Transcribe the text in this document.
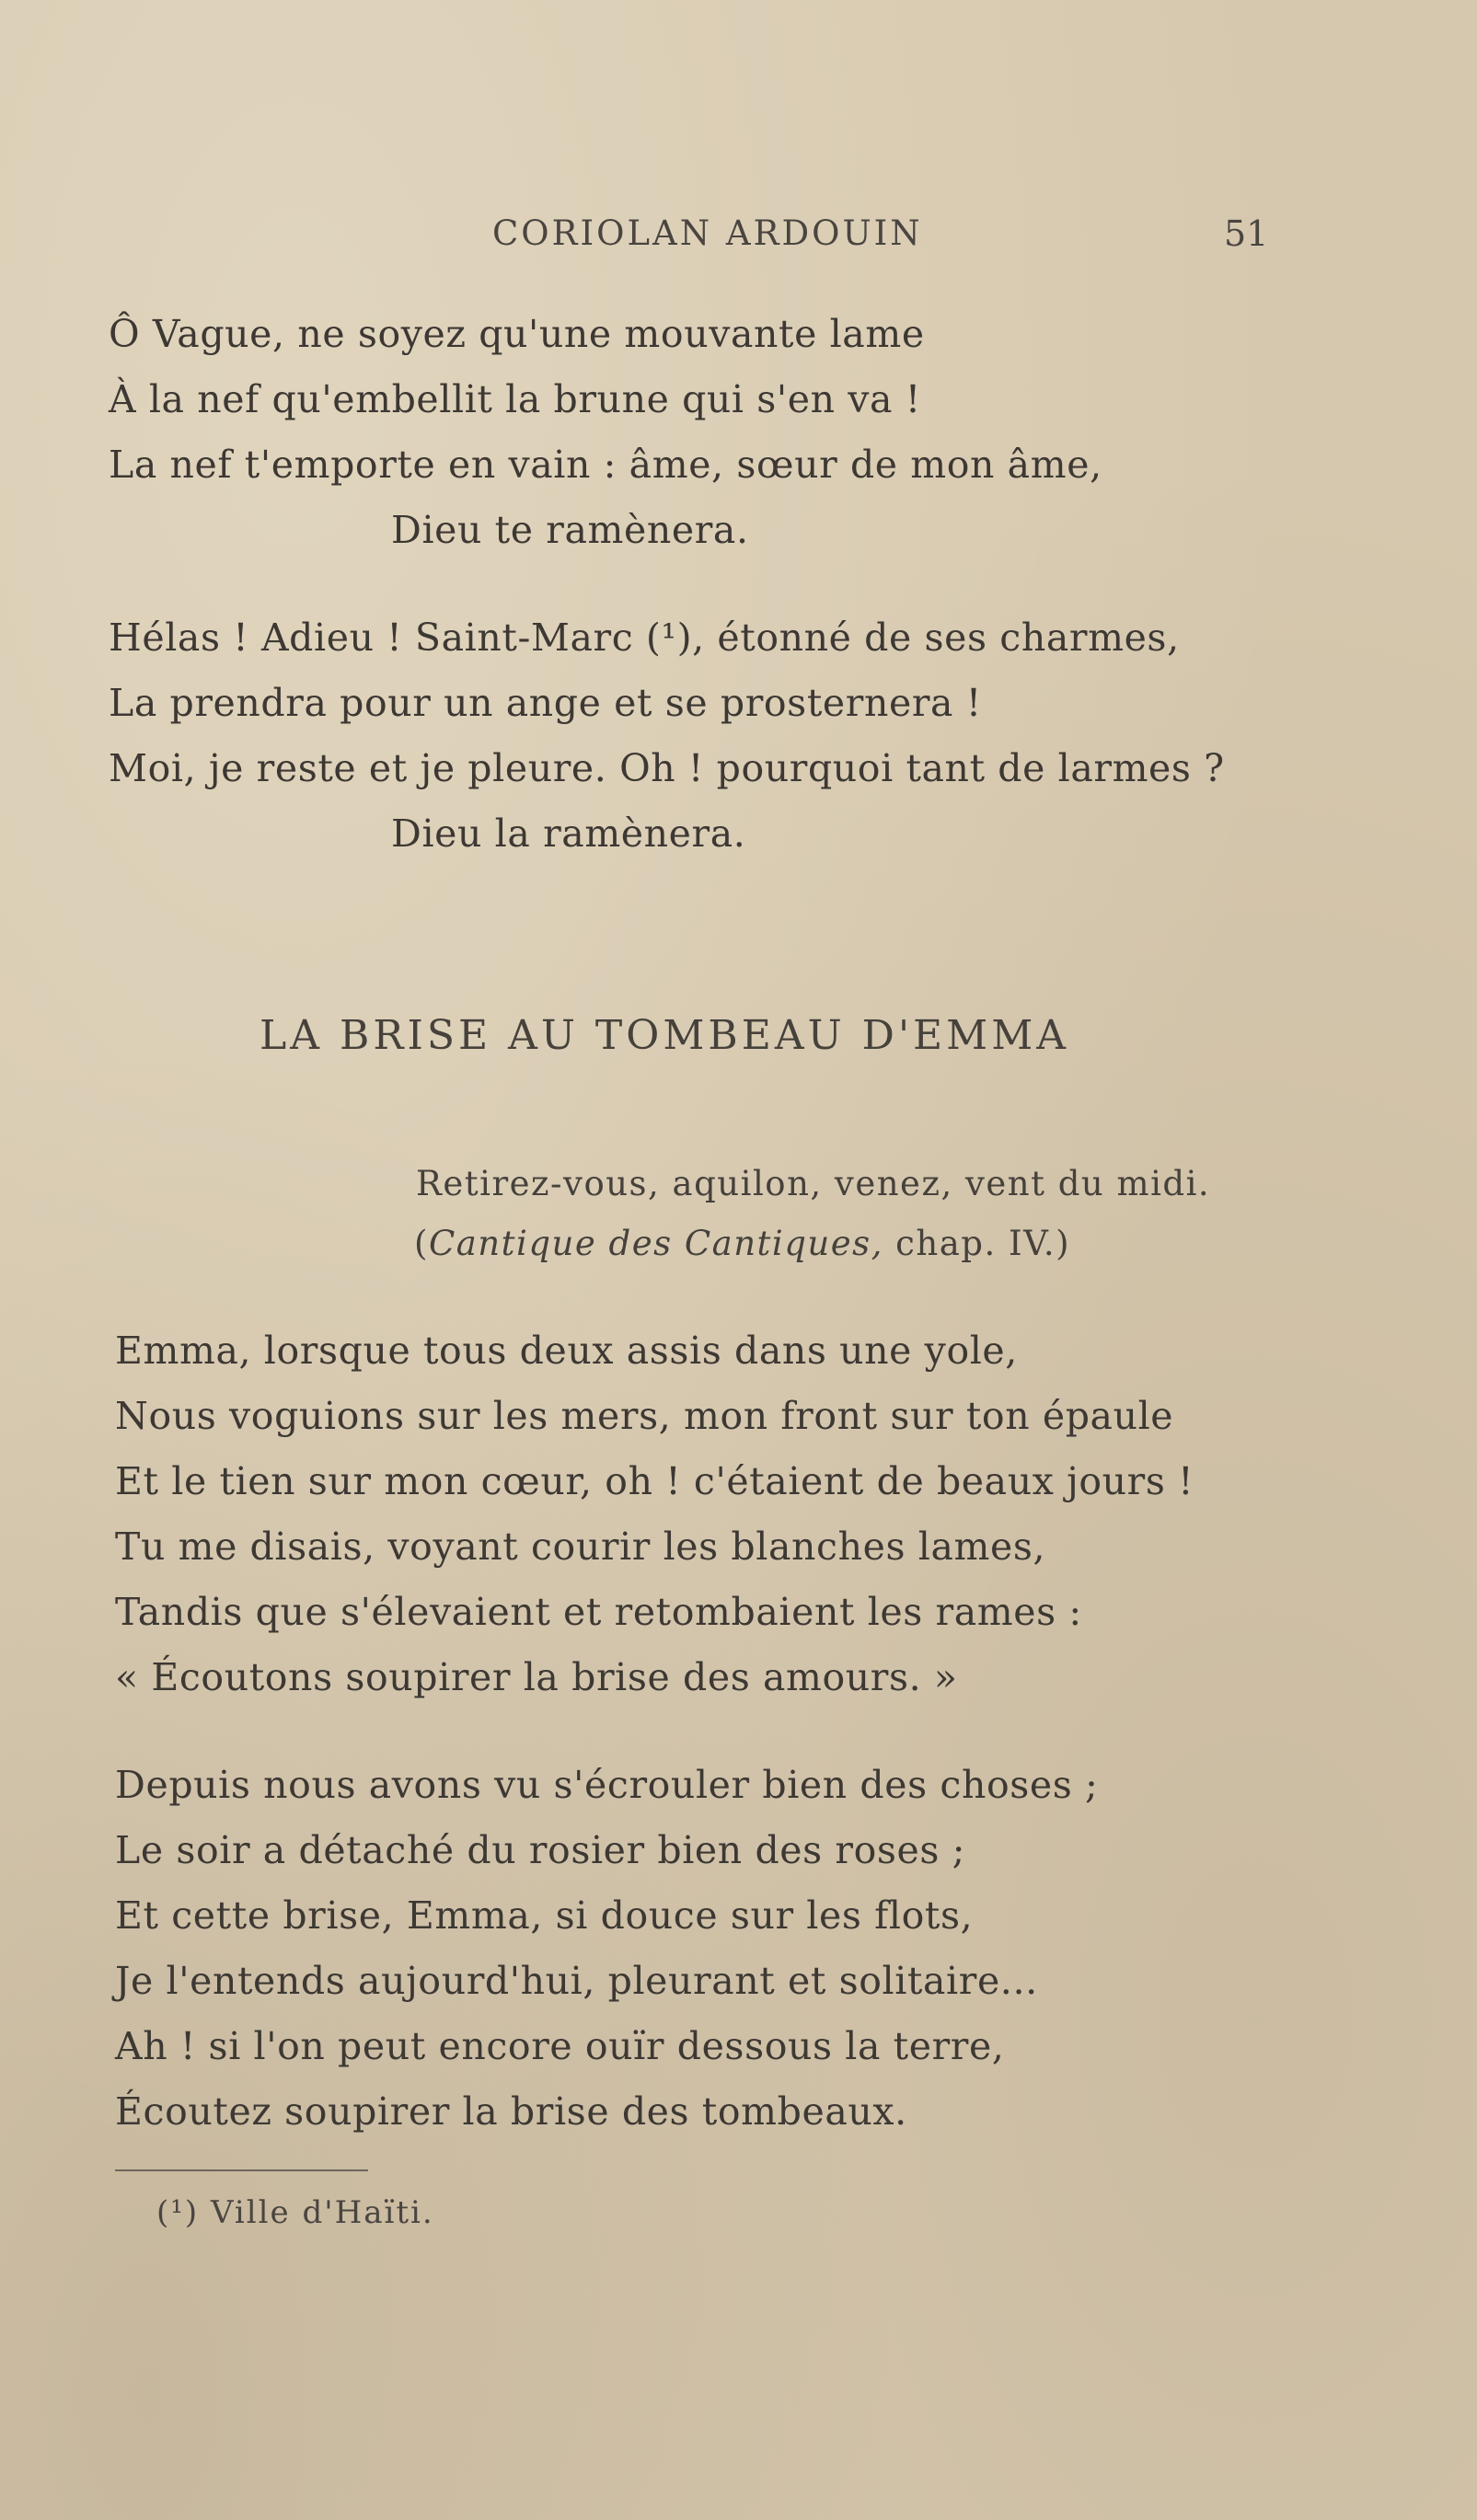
CORIOLAN ARDOUIN	51
Ô Vague, ne soyez qu'une mouvante lame
À la nef qu'embellit la brune qui s'en va !
La nef t'emporte en vain : âme, sœur de mon âme,
Dieu te ramènera.
Hélas ! Adieu ! Saint-Marc (¹), étonné de ses charmes,
La prendra pour un ange et se prosternera !
Moi, je reste et je pleure. Oh ! pourquoi tant de larmes ?
Dieu la ramènera.
LA BRISE AU TOMBEAU D'EMMA
Retirez-vous, aquilon, venez, vent du midi.
(Cantique des Cantiques, chap. IV.)
Emma, lorsque tous deux assis dans une yole,
Nous voguions sur les mers, mon front sur ton épaule
Et le tien sur mon cœur, oh ! c'étaient de beaux jours !
Tu me disais, voyant courir les blanches lames,
Tandis que s'élevaient et retombaient les rames :
« Écoutons soupirer la brise des amours. »
Depuis nous avons vu s'écrouler bien des choses ;
Le soir a détaché du rosier bien des roses ;
Et cette brise, Emma, si douce sur les flots,
Je l'entends aujourd'hui, pleurant et solitaire...
Ah ! si l'on peut encore ouïr dessous la terre,
Écoutez soupirer la brise des tombeaux.
(¹) Ville d'Haïti.
